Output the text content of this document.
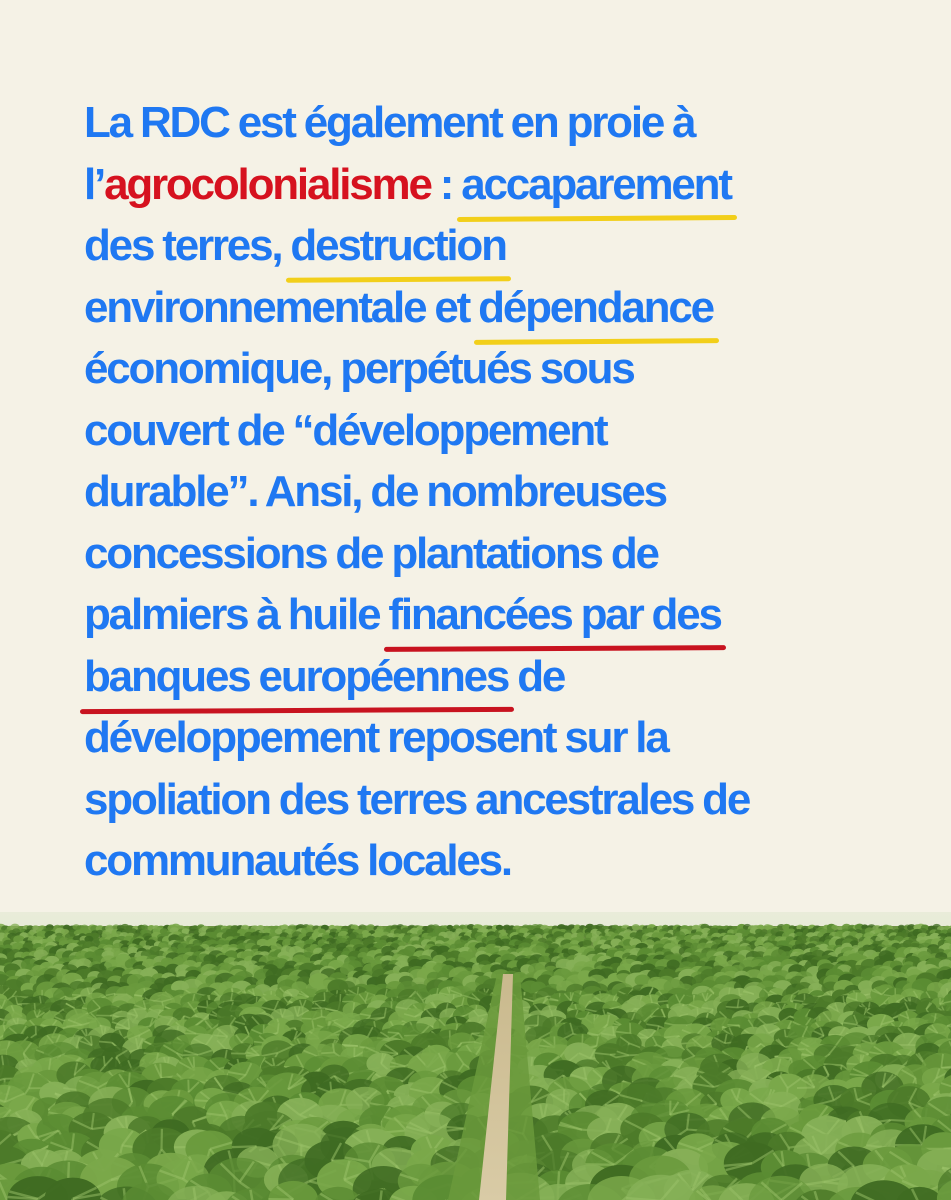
La RDC est également en proie à
l’agrocolonialisme : accaparement
des terres, destruction
environnementale et dépendance
économique, perpétués sous
couvert de “développement
durable”. Ansi, de nombreuses
concessions de plantations de
palmiers à huile financées par des
banques européennes de
développement reposent sur la
spoliation des terres ancestrales de
communautés locales.
